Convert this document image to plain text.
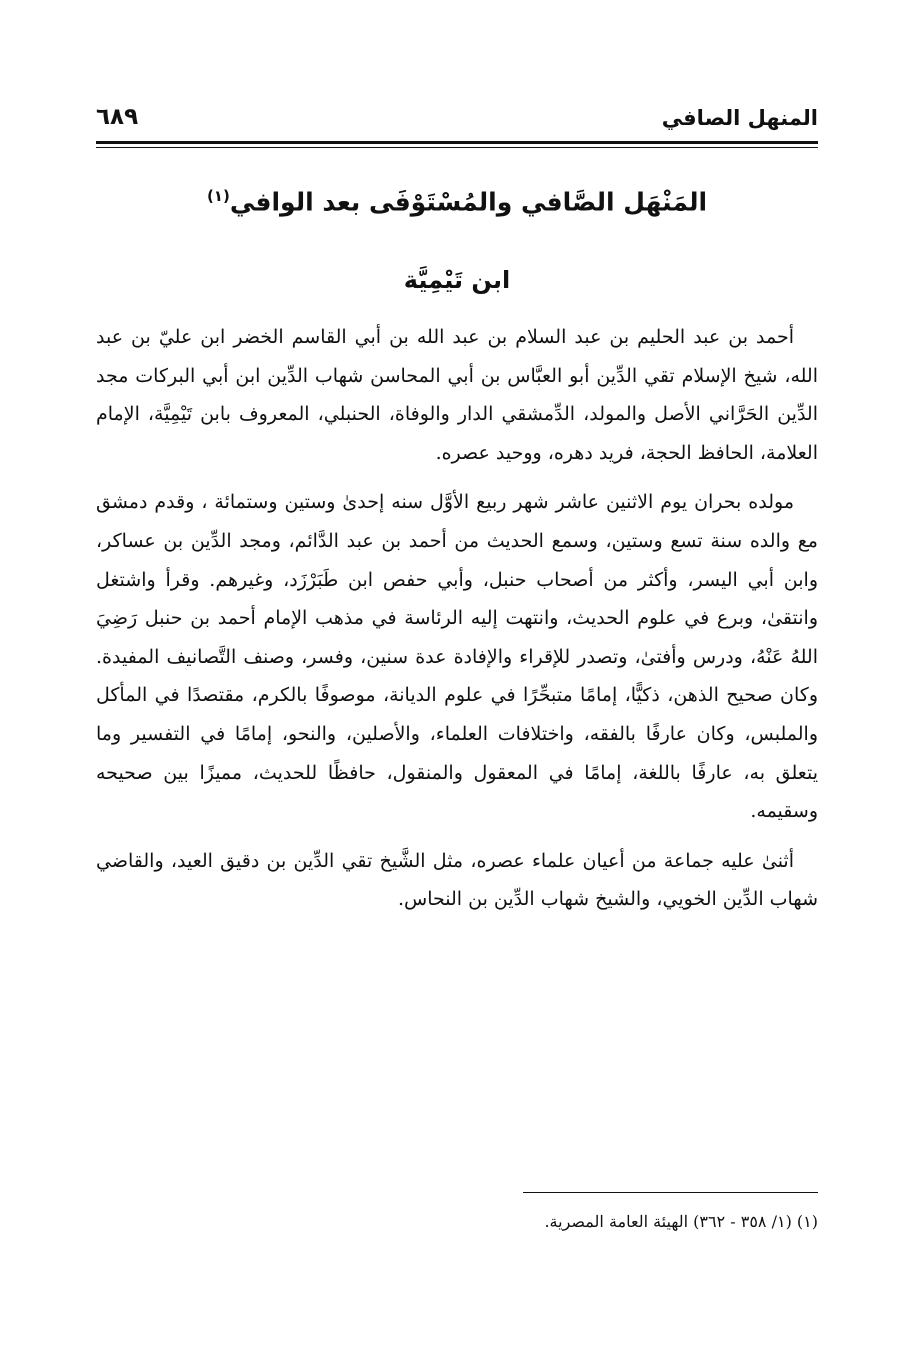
المنهل الصافي
٦٨٩
المَنْهَل الصَّافي والمُسْتَوْفَى بعد الوافي$^{(١)}$
ابن تَيْمِيَّة

أحمد بن عبد الحليم بن عبد السلام بن عبد الله بن أبي القاسم الخضر ابن عليّ بن عبد الله، شيخ الإسلام تقي الدِّين أبو العبَّاس بن أبي المحاسن شهاب الدِّين ابن أبي البركات مجد الدِّين الحَرَّاني الأصل والمولد، الدِّمشقي الدار والوفاة، الحنبلي، المعروف بابن تَيْمِيَّة، الإمام العلامة، الحافظ الحجة، فريد دهره، ووحيد عصره.

مولده بحران يوم الاثنين عاشر شهر ربيع الأوَّل سنه إحدىٰ وستين وستمائة ، وقدم دمشق مع والده سنة تسع وستين، وسمع الحديث من أحمد بن عبد الدَّائم، ومجد الدِّين بن عساكر، وابن أبي اليسر، وأكثر من أصحاب حنبل، وأبي حفص ابن طَبَرْزَد، وغيرهم. وقرأ واشتغل وانتقىٰ، وبرع في علوم الحديث، وانتهت إليه الرئاسة في مذهب الإمام أحمد بن حنبل رَضِيَ اللهُ عَنْهُ، ودرس وأفتىٰ، وتصدر للإقراء والإفادة عدة سنين، وفسر، وصنف التَّصانيف المفيدة. وكان صحيح الذهن، ذكيًّا، إمامًا متبحِّرًا في علوم الديانة، موصوفًا بالكرم، مقتصدًا في المأكل والملبس، وكان عارفًا بالفقه، واختلافات العلماء، والأصلين، والنحو، إمامًا في التفسير وما يتعلق به، عارفًا باللغة، إمامًا في المعقول والمنقول، حافظًا للحديث، مميزًا بين صحيحه وسقيمه.

أثنىٰ عليه جماعة من أعيان علماء عصره، مثل الشَّيخ تقي الدِّين بن دقيق العيد، والقاضي شهاب الدِّين الخويي، والشيخ شهاب الدِّين بن النحاس.

(١) (١/ ٣٥٨ - ٣٦٢) الهيئة العامة المصرية.
